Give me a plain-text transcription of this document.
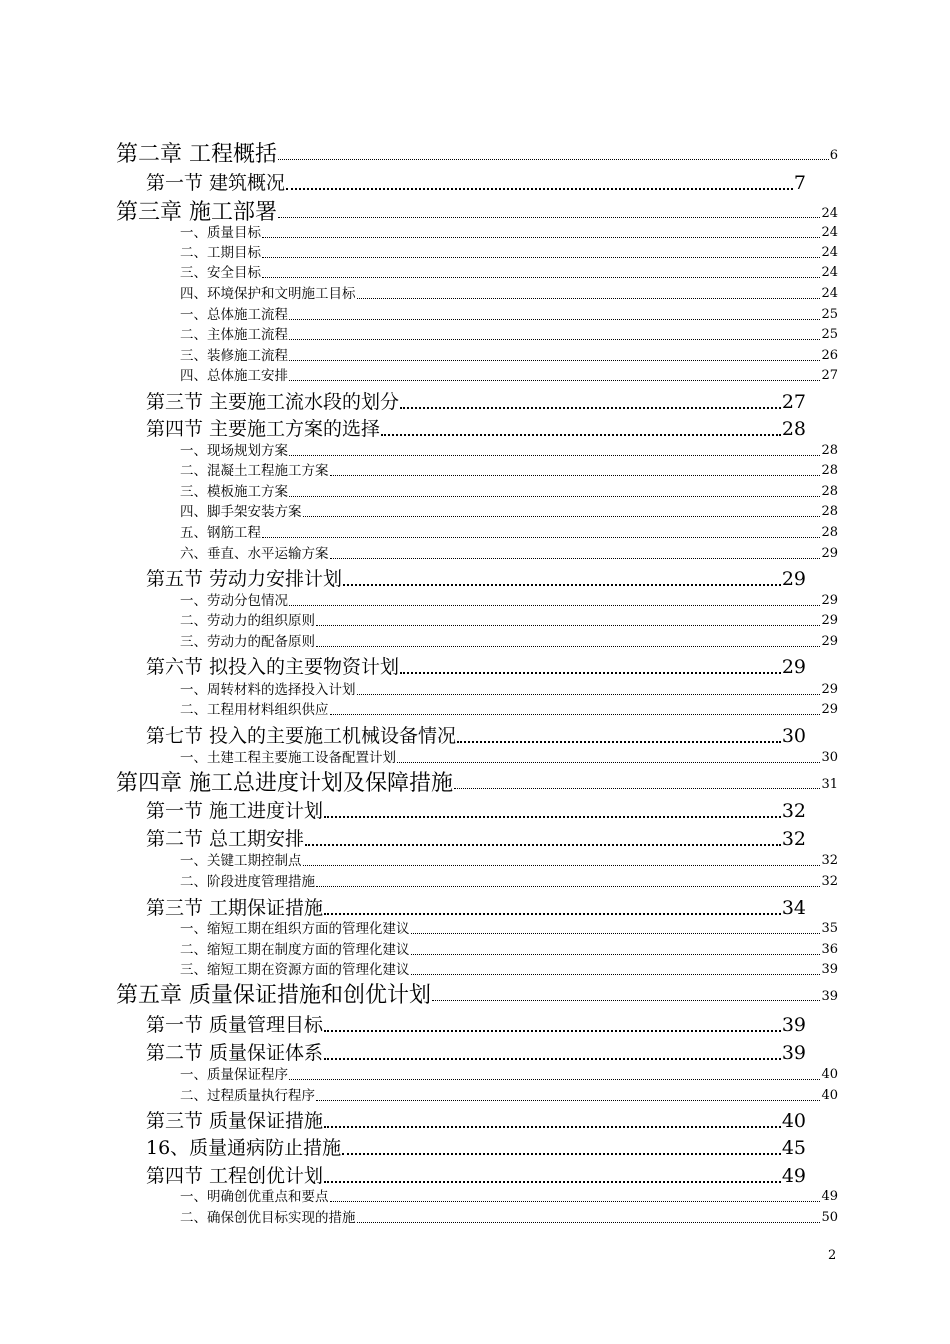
第二章 工程概括	6
第一节 建筑概况	7
第三章 施工部署	24
一、质量目标	24
二、工期目标	24
三、安全目标	24
四、环境保护和文明施工目标	24
一、总体施工流程	25
二、主体施工流程	25
三、装修施工流程	26
四、总体施工安排	27
第三节 主要施工流水段的划分	27
第四节 主要施工方案的选择	28
一、现场规划方案	28
二、混凝土工程施工方案	28
三、模板施工方案	28
四、脚手架安装方案	28
五、钢筋工程	28
六、垂直、水平运输方案	29
第五节 劳动力安排计划	29
一、劳动分包情况	29
二、劳动力的组织原则	29
三、劳动力的配备原则	29
第六节 拟投入的主要物资计划	29
一、周转材料的选择投入计划	29
二、工程用材料组织供应	29
第七节 投入的主要施工机械设备情况	30
一、土建工程主要施工设备配置计划	30
第四章 施工总进度计划及保障措施	31
第一节 施工进度计划	32
第二节 总工期安排	32
一、关键工期控制点	32
二、阶段进度管理措施	32
第三节 工期保证措施	34
一、缩短工期在组织方面的管理化建议	35
二、缩短工期在制度方面的管理化建议	36
三、缩短工期在资源方面的管理化建议	39
第五章 质量保证措施和创优计划	39
第一节 质量管理目标	39
第二节 质量保证体系	39
一、质量保证程序	40
二、过程质量执行程序	40
第三节 质量保证措施	40
16、质量通病防止措施	45
第四节 工程创优计划	49
一、明确创优重点和要点	49
二、确保创优目标实现的措施	50
2
